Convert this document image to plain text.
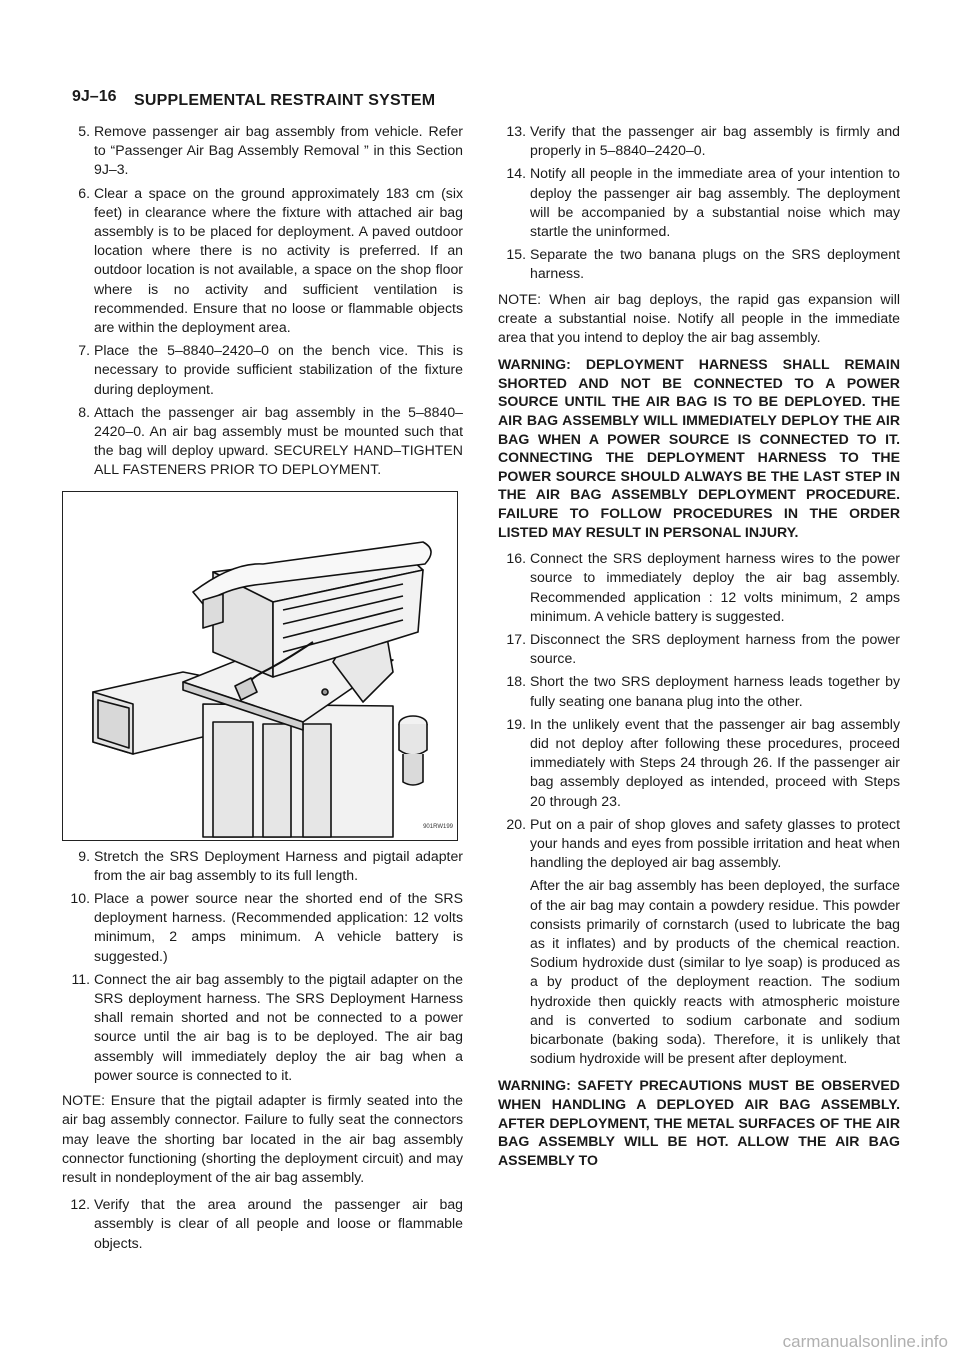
9J–16 SUPPLEMENTAL RESTRAINT SYSTEM
5. Remove passenger air bag assembly from vehicle. Refer to “Passenger Air Bag Assembly Removal ” in this Section 9J–3.

6. Clear a space on the ground approximately 183 cm (six feet) in clearance where the fixture with attached air bag assembly is to be placed for deployment. A paved outdoor location where there is no activity is preferred. If an outdoor location is not available, a space on the shop floor where is no activity and sufficient ventilation is recommended. Ensure that no loose or flammable objects are within the deployment area.

7. Place the 5–8840–2420–0 on the bench vice. This is necessary to provide sufficient stabilization of the fixture during deployment.

8. Attach the passenger air bag assembly in the 5–8840–2420–0. An air bag assembly must be mounted such that the bag will deploy upward. SECURELY HAND–TIGHTEN ALL FASTENERS PRIOR TO DEPLOYMENT.

901RW199
9. Stretch the SRS Deployment Harness and pigtail adapter from the air bag assembly to its full length.

10. Place a power source near the shorted end of the SRS deployment harness. (Recommended application: 12 volts minimum, 2 amps minimum. A vehicle battery is suggested.)

11. Connect the air bag assembly to the pigtail adapter on the SRS deployment harness. The SRS Deployment Harness shall remain shorted and not be connected to a power source until the air bag is to be deployed. The air bag assembly will immediately deploy the air bag when a power source is connected to it.

NOTE: Ensure that the pigtail adapter is firmly seated into the air bag assembly connector. Failure to fully seat the connectors may leave the shorting bar located in the air bag assembly connector functioning (shorting the deployment circuit) and may result in nondeployment of the air bag assembly.

12. Verify that the area around the passenger air bag assembly is clear of all people and loose or flammable objects.

13. Verify that the passenger air bag assembly is firmly and properly in 5–8840–2420–0.

14. Notify all people in the immediate area of your intention to deploy the passenger air bag assembly. The deployment will be accompanied by a substantial noise which may startle the uninformed.

15. Separate the two banana plugs on the SRS deployment harness.

NOTE: When air bag deploys, the rapid gas expansion will create a substantial noise. Notify all people in the immediate area that you intend to deploy the air bag assembly.

WARNING: DEPLOYMENT HARNESS SHALL REMAIN SHORTED AND NOT BE CONNECTED TO A POWER SOURCE UNTIL THE AIR BAG IS TO BE DEPLOYED. THE AIR BAG ASSEMBLY WILL IMMEDIATELY DEPLOY THE AIR BAG WHEN A POWER SOURCE IS CONNECTED TO IT. CONNECTING THE DEPLOYMENT HARNESS TO THE POWER SOURCE SHOULD ALWAYS BE THE LAST STEP IN THE AIR BAG ASSEMBLY DEPLOYMENT PROCEDURE. FAILURE TO FOLLOW PROCEDURES IN THE ORDER LISTED MAY RESULT IN PERSONAL INJURY.

16. Connect the SRS deployment harness wires to the power source to immediately deploy the air bag assembly. Recommended application : 12 volts minimum, 2 amps minimum. A vehicle battery is suggested.

17. Disconnect the SRS deployment harness from the power source.

18. Short the two SRS deployment harness leads together by fully seating one banana plug into the other.

19. In the unlikely event that the passenger air bag assembly did not deploy after following these procedures, proceed immediately with Steps 24 through 26. If the passenger air bag assembly deployed as intended, proceed with Steps 20 through 23.

20. Put on a pair of shop gloves and safety glasses to protect your hands and eyes from possible irritation and heat when handling the deployed air bag assembly.

After the air bag assembly has been deployed, the surface of the air bag may contain a powdery residue. This powder consists primarily of cornstarch (used to lubricate the bag as it inflates) and by products of the chemical reaction. Sodium hydroxide dust (similar to lye soap) is produced as a by product of the deployment reaction. The sodium hydroxide then quickly reacts with atmospheric moisture and is converted to sodium carbonate and sodium bicarbonate (baking soda). Therefore, it is unlikely that sodium hydroxide will be present after deployment.

WARNING: SAFETY PRECAUTIONS MUST BE OBSERVED WHEN HANDLING A DEPLOYED AIR BAG ASSEMBLY. AFTER DEPLOYMENT, THE METAL SURFACES OF THE AIR BAG ASSEMBLY WILL BE HOT. ALLOW THE AIR BAG ASSEMBLY TO

carmanualsonline.info
